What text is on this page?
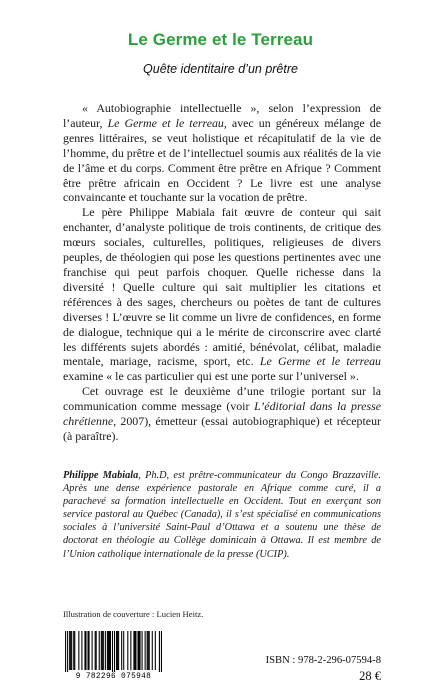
Le Germe et le Terreau
Quête identitaire d’un prêtre

« Autobiographie intellectuelle », selon l’expression de l’auteur, Le Germe et le terreau, avec un généreux mélange de genres littéraires, se veut holistique et récapitulatif de la vie de l’homme, du prêtre et de l’intellectuel soumis aux réalités de la vie de l’âme et du corps. Comment être prêtre en Afrique ? Comment être prêtre africain en Occident ? Le livre est une analyse convaincante et touchante sur la vocation de prêtre.

Le père Philippe Mabiala fait œuvre de conteur qui sait enchanter, d’analyste politique de trois continents, de critique des mœurs sociales, culturelles, politiques, religieuses de divers peuples, de théologien qui pose les questions pertinentes avec une franchise qui peut parfois choquer. Quelle richesse dans la diversité ! Quelle culture qui sait multiplier les citations et références à des sages, chercheurs ou poètes de tant de cultures diverses ! L’œuvre se lit comme un livre de confidences, en forme de dialogue, technique qui a le mérite de circonscrire avec clarté les différents sujets abordés : amitié, bénévolat, célibat, maladie mentale, mariage, racisme, sport, etc. Le Germe et le terreau examine « le cas particulier qui est une porte sur l’universel ».

Cet ouvrage est le deuxième d’une trilogie portant sur la communication comme message (voir L’éditorial dans la presse chrétienne, 2007), émetteur (essai autobiographique) et récepteur (à paraître).

Philippe Mabiala, Ph.D, est prêtre-communicateur du Congo Brazzaville. Après une dense expérience pastorale en Afrique comme curé, il a parachevé sa formation intellectuelle en Occident. Tout en exerçant son service pastoral au Québec (Canada), il s’est spécialisé en communications sociales à l’université Saint-Paul d’Ottawa et a soutenu une thèse de doctorat en théologie au Collège dominicain à Ottawa. Il est membre de l’Union catholique internationale de la presse (UCIP).
Illustration de couverture : Lucien Heitz.
9 782296 075948
ISBN : 978-2-296-07594-8
28 €
